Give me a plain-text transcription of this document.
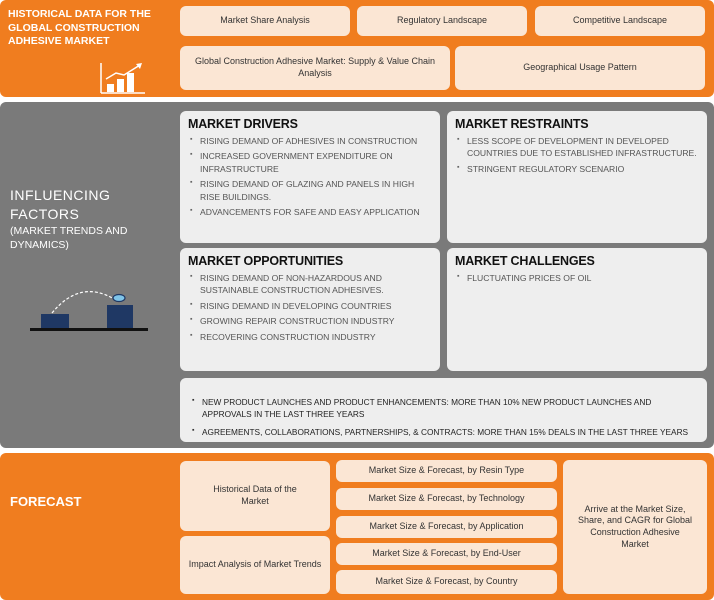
HISTORICAL DATA FOR THE GLOBAL CONSTRUCTION ADHESIVE MARKET
Market Share Analysis	Regulatory Landscape	Competitive Landscape
Global Construction Adhesive Market: Supply & Value Chain Analysis
Geographical Usage Pattern
INFLUENCING FACTORS
(MARKET TRENDS AND DYNAMICS)
MARKET DRIVERS
▪ RISING DEMAND OF ADHESIVES IN CONSTRUCTION
▪ INCREASED GOVERNMENT EXPENDITURE ON INFRASTRUCTURE
▪ RISING DEMAND OF GLAZING AND PANELS IN HIGH RISE BUILDINGS.
▪ ADVANCEMENTS FOR SAFE AND EASY APPLICATION
MARKET RESTRAINTS
▪ LESS SCOPE OF DEVELOPMENT IN DEVELOPED COUNTRIES DUE TO ESTABLISHED INFRASTRUCTURE.
▪ STRINGENT REGULATORY SCENARIO
MARKET OPPORTUNITIES
▪ RISING DEMAND OF NON-HAZARDOUS AND SUSTAINABLE CONSTRUCTION ADHESIVES.
▪ RISING DEMAND IN DEVELOPING COUNTRIES
▪ GROWING REPAIR CONSTRUCTION INDUSTRY
▪ RECOVERING CONSTRUCTION INDUSTRY
MARKET CHALLENGES
▪ FLUCTUATING PRICES OF OIL
▪ NEW PRODUCT LAUNCHES AND PRODUCT ENHANCEMENTS: MORE THAN 10% NEW PRODUCT LAUNCHES AND APPROVALS IN THE LAST THREE YEARS
▪ AGREEMENTS, COLLABORATIONS, PARTNERSHIPS, & CONTRACTS: MORE THAN 15% DEALS IN THE LAST THREE YEARS
FORECAST
Historical Data of the Market
Impact Analysis of Market Trends
Market Size & Forecast, by Resin Type
Market Size & Forecast, by Technology
Market Size & Forecast, by Application
Market Size & Forecast, by End-User
Market Size & Forecast, by Country
Arrive at the Market Size, Share, and CAGR for Global Construction Adhesive Market
